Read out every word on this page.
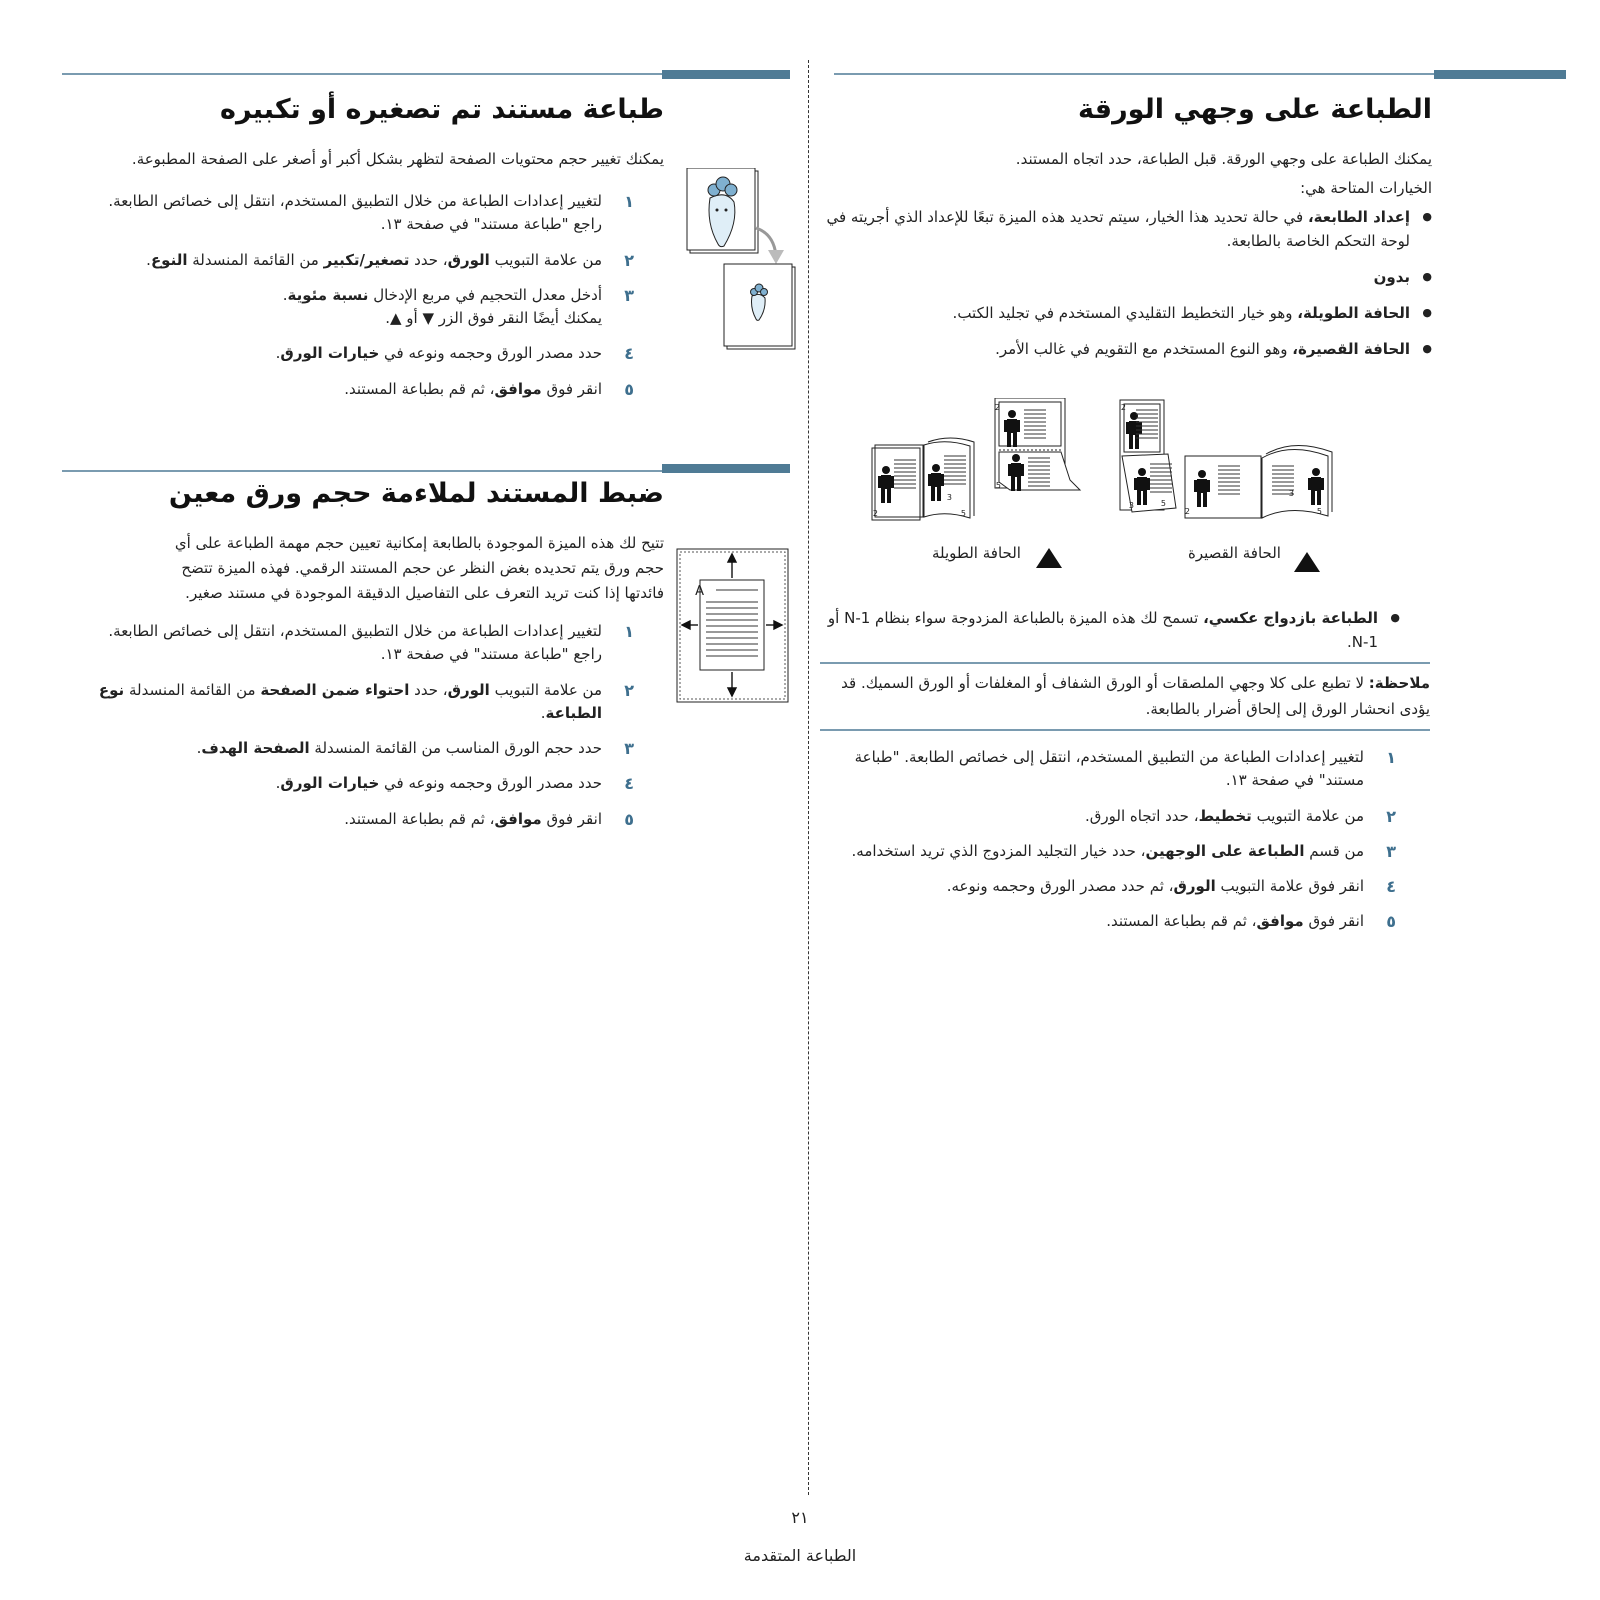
الطباعة على وجهي الورقة

يمكنك الطباعة على وجهي الورقة. قبل الطباعة، حدد اتجاه المستند.

الخيارات المتاحة هي:

● إعداد الطابعة، في حالة تحديد هذا الخيار، سيتم تحديد هذه الميزة تبعًا للإعداد الذي أجريته في لوحة التحكم الخاصة بالطابعة.
● بدون
● الحافة الطويلة، وهو خيار التخطيط التقليدي المستخدم في تجليد الكتب.
● الحافة القصيرة، وهو النوع المستخدم مع التقويم في غالب الأمر.
2
3
5
2
5
2
3	5
2
3
5
الحافة الطويلة	الحافة القصيرة
● الطباعة بازدواج عكسي، تسمح لك هذه الميزة بالطباعة المزدوجة سواء بنظام N-1 أو 1-N.
ملاحظة: لا تطبع على كلا وجهي الملصقات أو الورق الشفاف أو المغلفات أو الورق السميك. قد يؤدى انحشار الورق إلى إلحاق أضرار بالطابعة.
١
لتغيير إعدادات الطباعة من التطبيق المستخدم، انتقل إلى خصائص الطابعة. "طباعة مستند" في صفحة ١٣.
٢
من علامة التبويب تخطيط، حدد اتجاه الورق.
٣
من قسم الطباعة على الوجهين، حدد خيار التجليد المزدوج الذي تريد استخدامه.
٤
انقر فوق علامة التبويب الورق، ثم حدد مصدر الورق وحجمه ونوعه.
٥
انقر فوق موافق، ثم قم بطباعة المستند.
طباعة مستند تم تصغيره أو تكبيره

يمكنك تغيير حجم محتويات الصفحة لتظهر بشكل أكبر أو أصغر على الصفحة المطبوعة.

١
لتغيير إعدادات الطباعة من خلال التطبيق المستخدم، انتقل إلى خصائص الطابعة. راجع "طباعة مستند" في صفحة ١٣.
٢
من علامة التبويب الورق، حدد تصغير/تكبير من القائمة المنسدلة النوع.
٣
أدخل معدل التحجيم في مربع الإدخال نسبة مئوية.
يمكنك أيضًا النقر فوق الزر ▼ أو ▲.
٤
حدد مصدر الورق وحجمه ونوعه في خيارات الورق.
٥
انقر فوق موافق، ثم قم بطباعة المستند.
ضبط المستند لملاءمة حجم ورق معين

تتيح لك هذه الميزة الموجودة بالطابعة إمكانية تعيين حجم مهمة الطباعة على أي حجم ورق يتم تحديده بغض النظر عن حجم المستند الرقمي. فهذه الميزة تتضح فائدتها إذا كنت تريد التعرف على التفاصيل الدقيقة الموجودة في مستند صغير. A
١
لتغيير إعدادات الطباعة من خلال التطبيق المستخدم، انتقل إلى خصائص الطابعة. راجع "طباعة مستند" في صفحة ١٣.
٢
من علامة التبويب الورق، حدد احتواء ضمن الصفحة من القائمة المنسدلة نوع الطباعة.
٣
حدد حجم الورق المناسب من القائمة المنسدلة الصفحة الهدف.
٤
حدد مصدر الورق وحجمه ونوعه في خيارات الورق.
٥
انقر فوق موافق، ثم قم بطباعة المستند.
٢١
الطباعة المتقدمة
